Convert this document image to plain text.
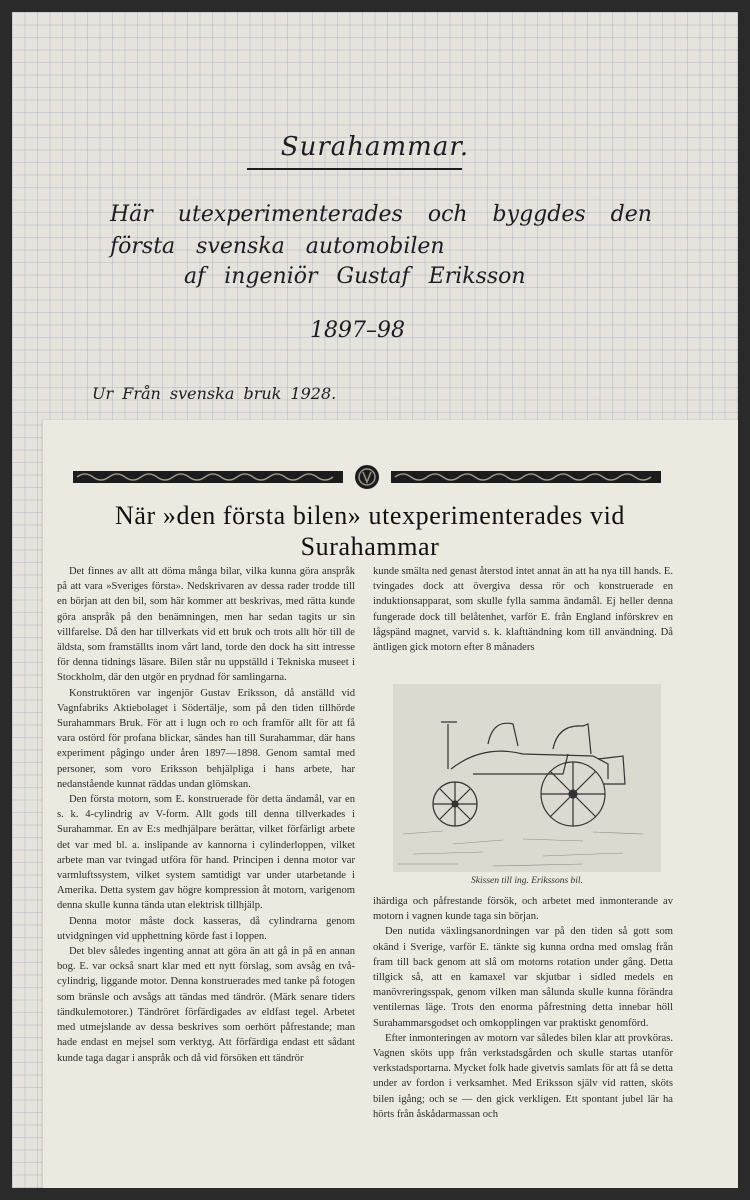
Surahammar.
Här utexperimenterades och byggdes den
första svenska automobilen
af ingeniör Gustaf Eriksson
1897–98
Ur Från svenska bruk 1928.
När »den första bilen» utexperimenterades vid Surahammar

Det finnes av allt att döma många bilar, vilka kunna göra anspråk på att vara »Sveriges första». Nedskrivaren av dessa rader trodde till en början att den bil, som här kommer att beskrivas, med rätta kunde göra anspråk på den benämningen, men har sedan tagits ur sin villfarelse. Då den har tillverkats vid ett bruk och trots allt hör till de äldsta, som framställts inom vårt land, torde den dock ha sitt intresse för denna tidnings läsare. Bilen står nu uppställd i Tekniska museet i Stockholm, där den utgör en prydnad för samlingarna.

Konstruktören var ingenjör Gustav Eriksson, då anställd vid Vagnfabriks Aktiebolaget i Södertälje, som på den tiden tillhörde Surahammars Bruk. För att i lugn och ro och framför allt för att få vara ostörd för profana blickar, sändes han till Surahammar, där hans experiment pågingo under åren 1897—1898. Genom samtal med personer, som voro Eriksson behjälpliga i hans arbete, har nedanstående kunnat räddas undan glömskan.

Den första motorn, som E. konstruerade för detta ändamål, var en s. k. 4-cylindrig av V-form. Allt gods till denna tillverkades i Surahammar. En av E:s medhjälpare berättar, vilket förfärligt arbete det var med bl. a. inslipande av kannorna i cylinderloppen, vilket arbete man var tvingad utföra för hand. Principen i denna motor var varmluftssystem, vilket system samtidigt var under utarbetande i Amerika. Detta system gav högre kompression åt motorn, varigenom denna skulle kunna tända utan elektrisk tillhjälp.

Denna motor måste dock kasseras, då cylindrarna genom utvidgningen vid upphettning körde fast i loppen.

Det blev således ingenting annat att göra än att gå in på en annan bog. E. var också snart klar med ett nytt förslag, som avsåg en två-cylindrig, liggande motor. Denna konstruerades med tanke på fotogen som bränsle och avsågs att tändas med tändrör. (Märk senare tiders tändkulemotorer.) Tändröret förfärdigades av eldfast tegel. Arbetet med utmejslande av dessa beskrives som oerhört påfrestande; man hade endast en mejsel som verktyg. Att förfärdiga endast ett sådant kunde taga dagar i anspråk och då vid försöken ett tändrör

kunde smälta ned genast återstod intet annat än att ha nya till hands. E. tvingades dock att övergiva dessa rör och konstruerade en induktionsapparat, som skulle fylla samma ändamål. Ej heller denna fungerade dock till belåtenhet, varför E. från England införskrev en lågspänd magnet, varvid s. k. klafttändning kom till användning. Då äntligen gick motorn efter 8 månaders

Skissen till ing. Erikssons bil.

ihärdiga och påfrestande försök, och arbetet med inmonterande av motorn i vagnen kunde taga sin början.

Den nutida växlingsanordningen var på den tiden så gott som okänd i Sverige, varför E. tänkte sig kunna ordna med omslag från fram till back genom att slå om motorns rotation under gång. Detta tillgick så, att en kamaxel var skjutbar i sidled medels en manövreringsspak, genom vilken man sålunda skulle kunna förändra ventilernas läge. Trots den enorma påfrestning detta innebar höll Surahammarsgodset och omkopplingen var praktiskt genomförd.

Efter inmonteringen av motorn var således bilen klar att provköras. Vagnen sköts upp från verkstadsgården och skulle startas utanför verkstadsportarna. Mycket folk hade givetvis samlats för att få se detta under av fordon i verksamhet. Med Eriksson själv vid ratten, sköts bilen igång; och se — den gick verkligen. Ett spontant jubel lär ha hörts från åskådarmassan och
